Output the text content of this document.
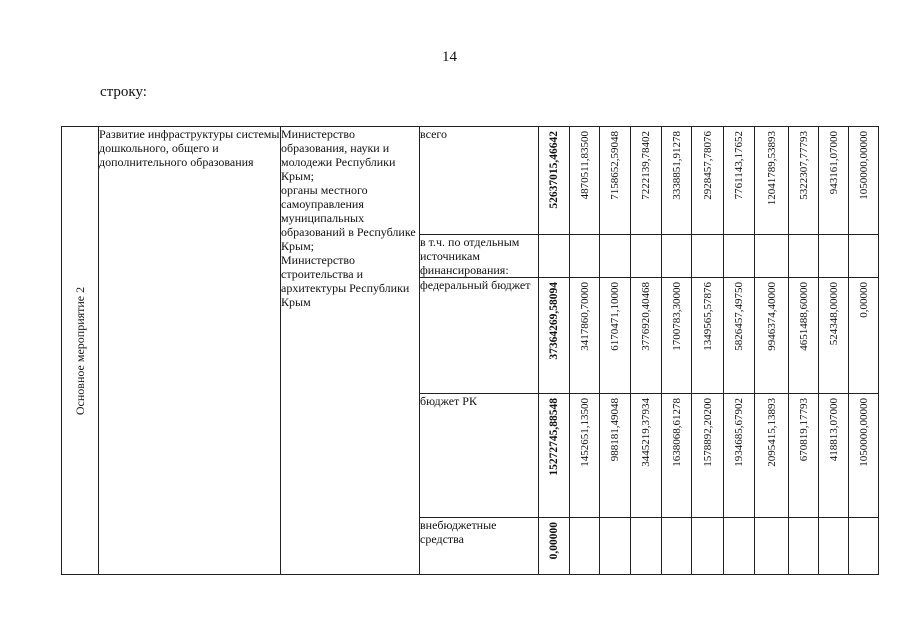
14
строку:
Основное мероприятие 2	Развитие инфраструктуры системы дошкольного, общего и дополнительного образования	Министерство образования, науки и молодежи Республики Крым;
органы местного самоуправления муниципальных образований в Республике Крым;
Министерство строительства и архитектуры Республики Крым	всего	52637015,46642	4870511,83500	7158652,59048	7222139,78402	3338851,91278	2928457,78076	7761143,17652	12041789,53893	5322307,77793	943161,07000	1050000,00000

			в т.ч. по отдельным источникам финансирования:											
			федеральный бюджет	37364269,58094	3417860,70000	6170471,10000	3776920,40468	1700783,30000	1349565,57876	5826457,49750	9946374,40000	4651488,60000	524348,00000	0,00000

			бюджет РК	15272745,88548	1452651,13500	988181,49048	3445219,37934	1638068,61278	1578892,20200	1934685,67902	2095415,13893	670819,17793	418813,07000	1050000,00000

			внебюджетные средства	0,00000										
